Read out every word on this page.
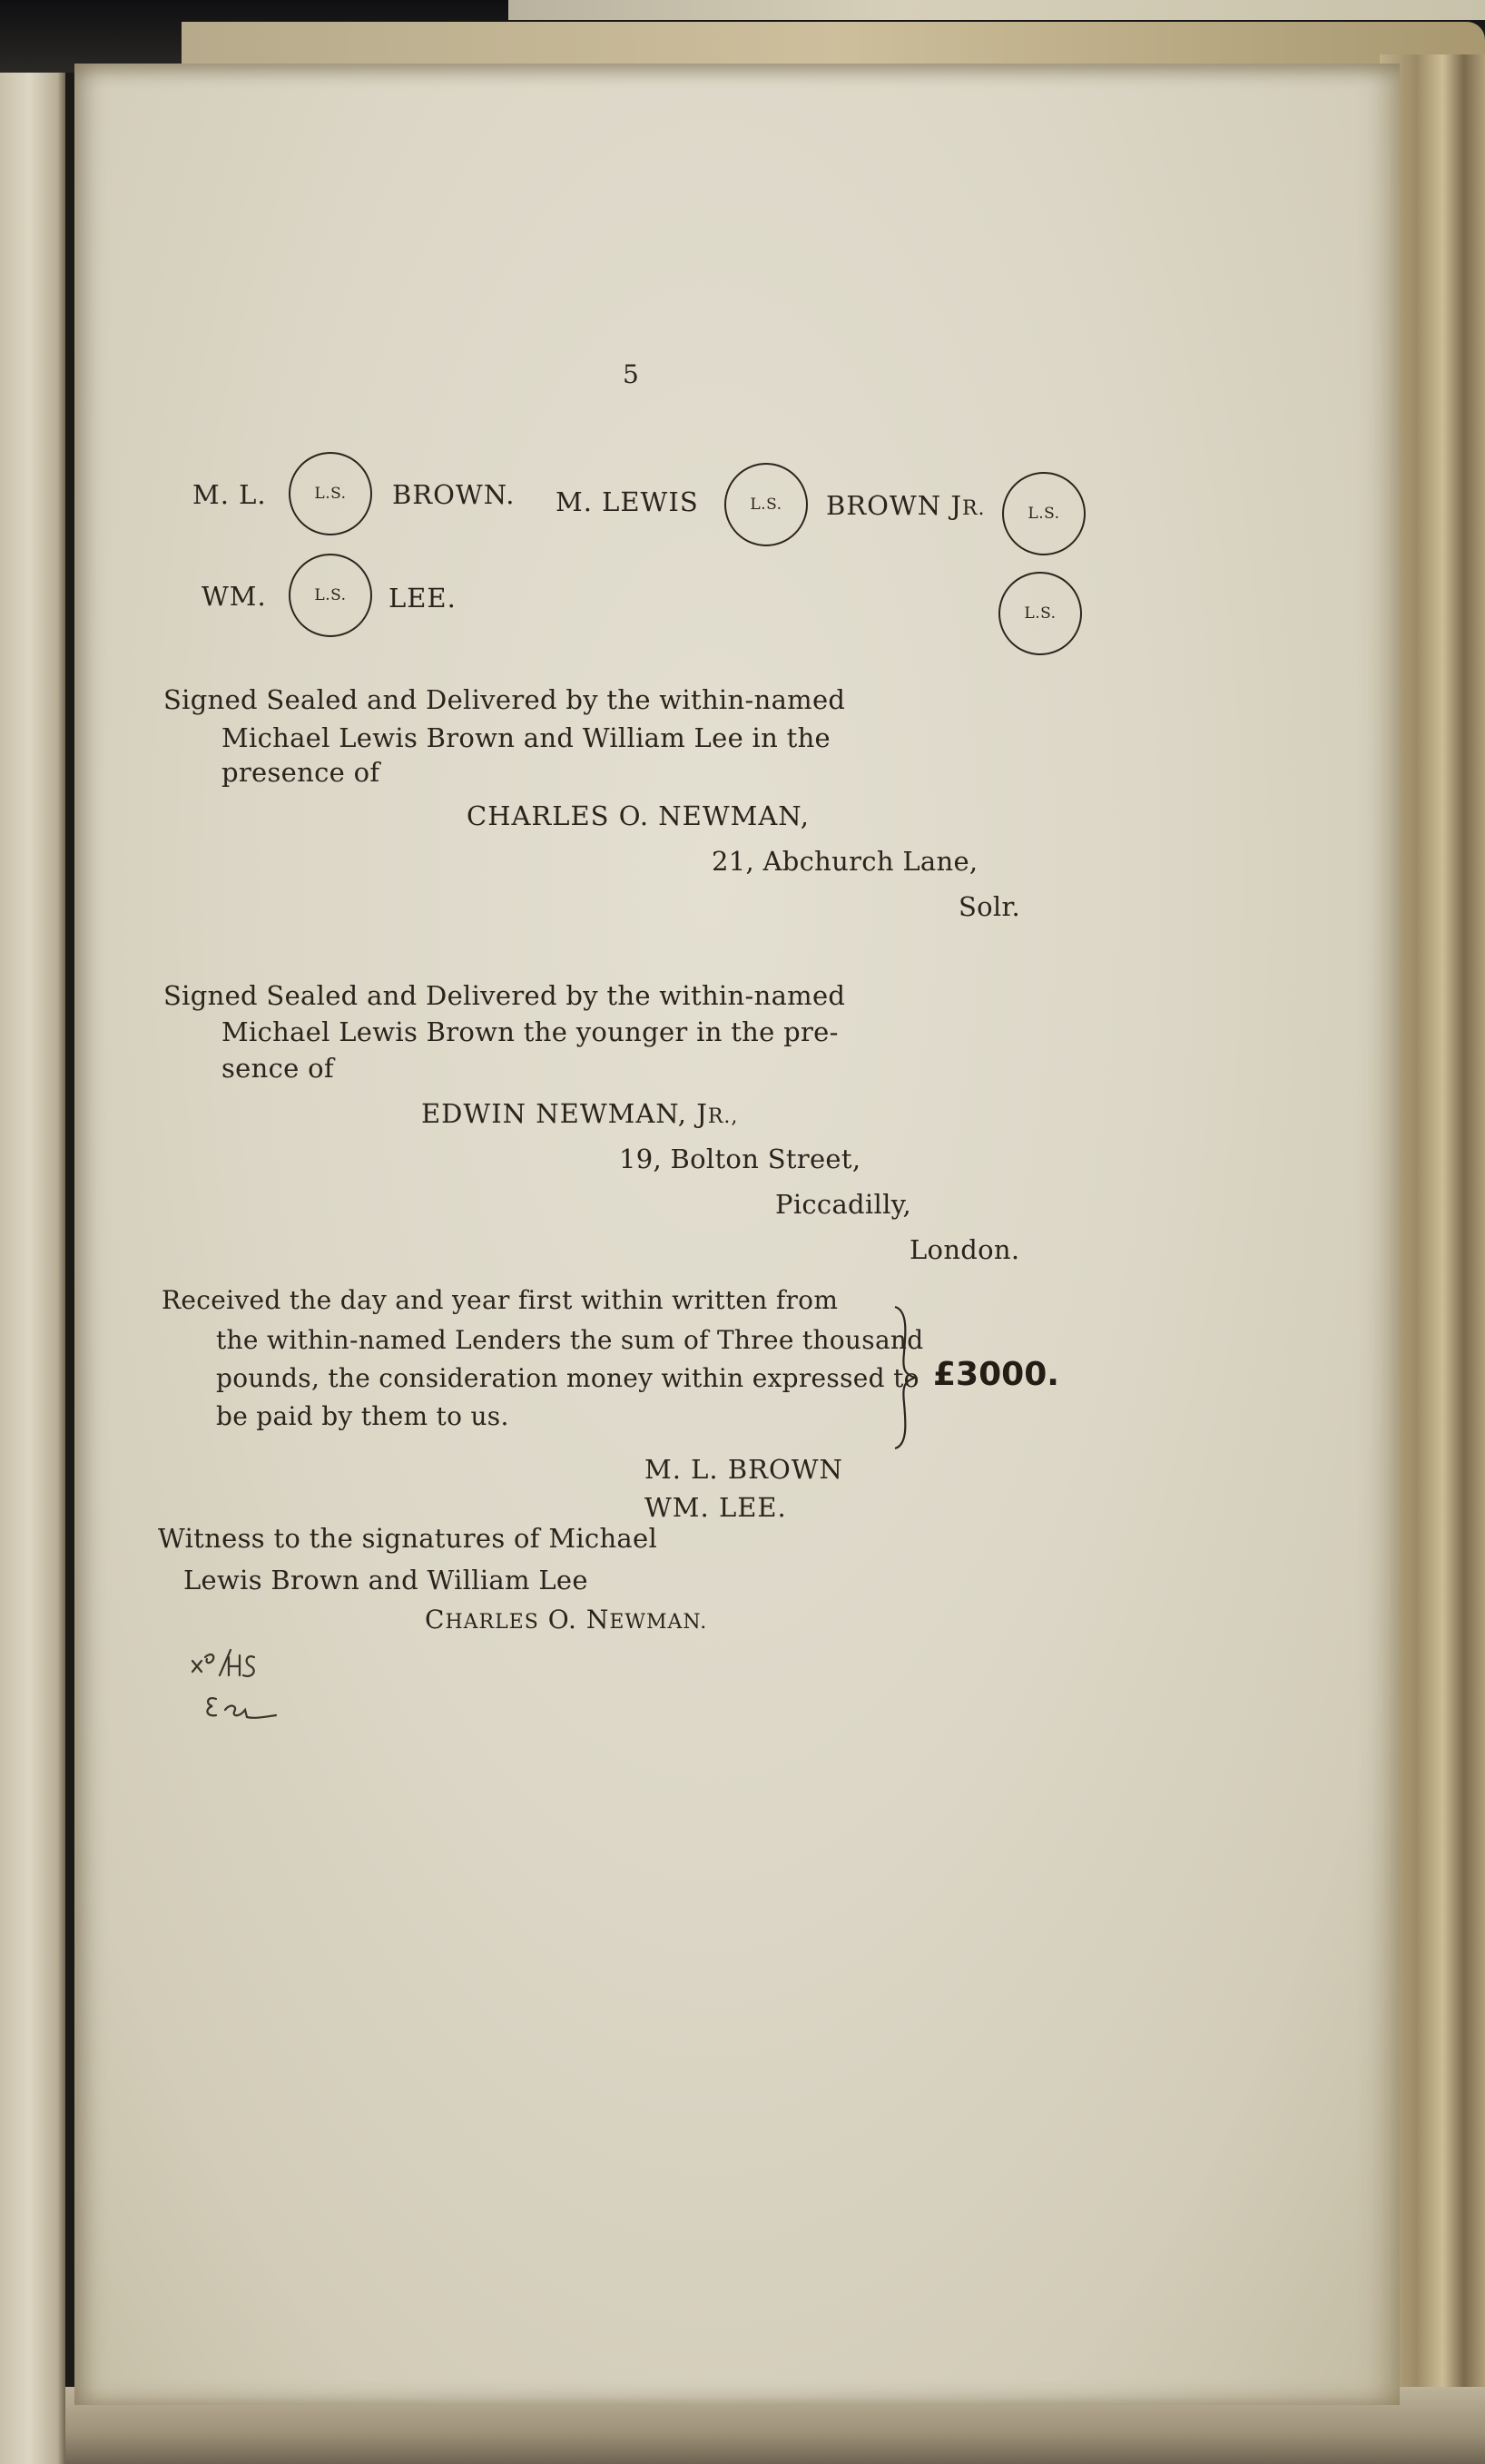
5
M. L.	L.S. BROWN. M. LEWIS	L.S. BROWN JR.	L.S.
WM.	L.S. LEE.	L.S.
Signed Sealed and Delivered by the within-named
Michael Lewis Brown and William Lee in the
presence of
CHARLES O. NEWMAN,
21, Abchurch Lane,
Solr.
Signed Sealed and Delivered by the within-named
Michael Lewis Brown the younger in the pre-
sence of
EDWIN NEWMAN, JR.,
19, Bolton Street,
Piccadilly,
London.
Received the day and year first within written from
the within-named Lenders the sum of Three thousand
pounds, the consideration money within expressed to
be paid by them to us.
£3000.
M. L. BROWN
WM. LEE.
Witness to the signatures of Michael
Lewis Brown and William Lee
CHARLES O. NEWMAN.
